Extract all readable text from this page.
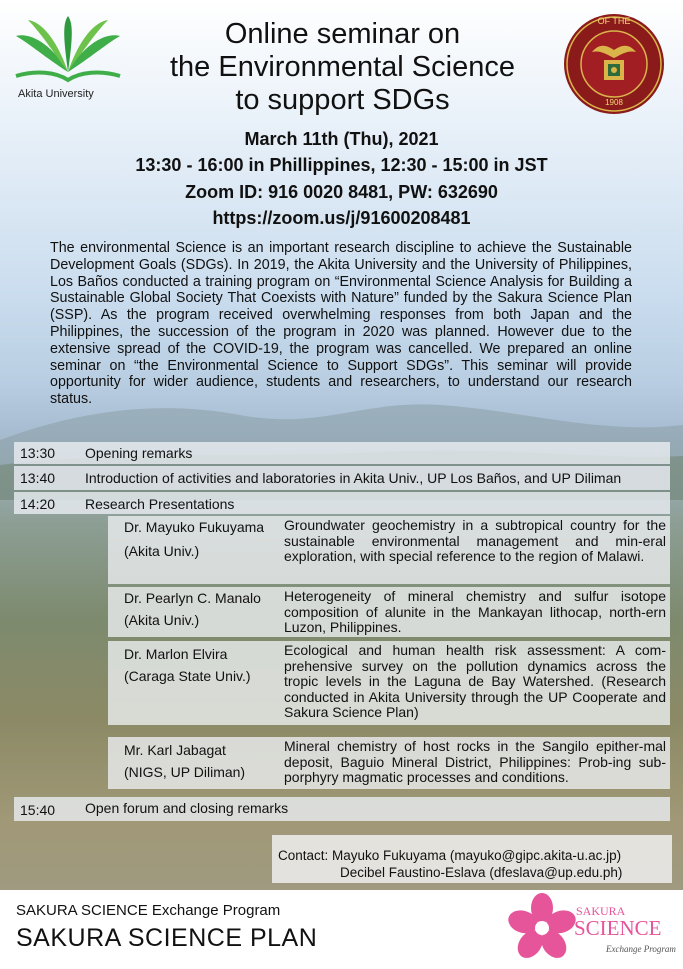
Akita University
Online seminar on
the Environmental Science
to support SDGs
OF THE
1908
March 11th (Thu), 2021
13:30 - 16:00 in Phillippines, 12:30 - 15:00 in JST
Zoom ID: 916 0020 8481, PW: 632690
https://zoom.us/j/91600208481
The environmental Science is an important research discipline to achieve the Sustainable Development Goals (SDGs). In 2019, the Akita University and the University of Philippines, Los Baños conducted a training program on “Environmental Science Analysis for Building a Sustainable Global Society That Coexists with Nature” funded by the Sakura Science Plan (SSP). As the program received overwhelming responses from both Japan and the Philippines, the succession of the program in 2020 was planned. However due to the extensive spread of the COVID-19, the program was cancelled. We prepared an online seminar on “the Environmental Science to Support SDGs”. This seminar will provide opportunity for wider audience, students and researchers, to understand our research status.
13:30 Opening remarks
13:40 Introduction of activities and laboratories in Akita Univ., UP Los Baños, and UP Diliman
14:20 Research Presentations
Dr. Mayuko Fukuyama
(Akita Univ.)
Groundwater geochemistry in a subtropical country for the sustainable environmental management and min-eral exploration, with special reference to the region of Malawi.
Dr. Pearlyn C. Manalo
(Akita Univ.)
Heterogeneity of mineral chemistry and sulfur isotope composition of alunite in the Mankayan lithocap, north-ern Luzon, Philippines.
Dr. Marlon Elvira
(Caraga State Univ.)
Ecological and human health risk assessment: A com-prehensive survey on the pollution dynamics across the tropic levels in the Laguna de Bay Watershed. (Research conducted in Akita University through the UP Cooperate and Sakura Science Plan)
Mr. Karl Jabagat
(NIGS, UP Diliman)
Mineral chemistry of host rocks in the Sangilo epither-mal deposit, Baguio Mineral District, Philippines: Prob-ing sub-porphyry magmatic processes and conditions.
15:40 Open forum and closing remarks
Contact: Mayuko Fukuyama (mayuko@gipc.akita-u.ac.jp)
Decibel Faustino-Eslava (dfeslava@up.edu.ph)
SAKURA SCIENCE Exchange Program
SAKURA SCIENCE PLAN
SAKURA
SCIENCE
Exchange Program
